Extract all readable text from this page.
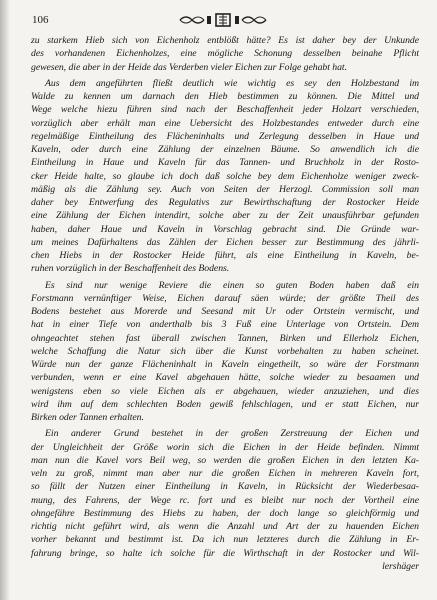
106
zu starkem Hieb sich von Eichenholz entblößt hätte? Es ist daher bey der Unkunde
des vorhandenen Eichenholzes, eine mögliche Schonung desselben beinahe Pflicht
gewesen, die aber in der Heide das Verderben vieler Eichen zur Folge gehabt hat.
Aus dem angeführten fließt deutlich wie wichtig es sey den Holzbestand im
Walde zu kennen um darnach den Hieb bestimmen zu können. Die Mittel und
Wege welche hiezu führen sind nach der Beschaffenheit jeder Holzart verschieden,
vorzüglich aber erhält man eine Uebersicht des Holzbestandes entweder durch eine
regelmäßige Eintheilung des Flächeninhalts und Zerlegung desselben in Haue und
Kaveln, oder durch eine Zählung der einzelnen Bäume. So anwendlich ich die
Eintheilung in Haue und Kaveln für das Tannen- und Bruchholz in der Rosto-
cker Heide halte, so glaube ich doch daß solche bey dem Eichenholze weniger zweck-
mäßig als die Zählung sey. Auch von Seiten der Herzogl. Commission soll man
daher bey Entwerfung des Regulativs zur Bewirthschaftung der Rostocker Heide
eine Zählung der Eichen intendirt, solche aber zu der Zeit unausführbar gefunden
haben, daher Haue und Kaveln in Vorschlag gebracht sind. Die Gründe war-
um meines Dafürhaltens das Zählen der Eichen besser zur Bestimmung des jährli-
chen Hiebs in der Rostocker Heide führt, als eine Eintheilung in Kaveln, be-
ruhen vorzüglich in der Beschaffenheit des Bodens.
Es sind nur wenige Reviere die einen so guten Boden haben daß ein
Forstmann vernünftiger Weise, Eichen darauf säen würde; der größte Theil des
Bodens bestehet aus Morerde und Seesand mit Ur oder Ortstein vermischt, und
hat in einer Tiefe von anderthalb bis 3 Fuß eine Unterlage von Ortstein. Dem
ohngeachtet stehen fast überall zwischen Tannen, Birken und Ellerholz Eichen,
welche Schaffung die Natur sich über die Kunst vorbehalten zu haben scheinet.
Würde nun der ganze Flächeninhalt in Kaveln eingetheilt, so wäre der Forstmann
verbunden, wenn er eine Kavel abgehauen hätte, solche wieder zu besaamen und
wenigstens eben so viele Eichen als er abgehauen, wieder anzuziehen, und dies
wird ihm auf dem schlechten Boden gewiß fehlschlagen, und er statt Eichen, nur
Birken oder Tannen erhalten.
Ein anderer Grund bestehet in der großen Zerstreuung der Eichen und
der Ungleichheit der Größe worin sich die Eichen in der Heide befinden. Nimmt
man nun die Kavel vors Beil weg, so werden die großen Eichen in den letzten Ka-
veln zu groß, nimmt man aber nur die großen Eichen in mehreren Kaveln fort,
so fällt der Nutzen einer Eintheilung in Kaveln, in Rücksicht der Wiederbesaa-
mung, des Fahrens, der Wege rc. fort und es bleibt nur noch der Vortheil eine
ohngefähre Bestimmung des Hiebs zu haben, der doch lange so gleichförmig und
richtig nicht geführt wird, als wenn die Anzahl und Art der zu hauenden Eichen
vorher bekannt und bestimmt ist. Da ich nun letzteres durch die Zählung in Er-
fahrung bringe, so halte ich solche für die Wirthschaft in der Rostocker und Wil-
lershäger
